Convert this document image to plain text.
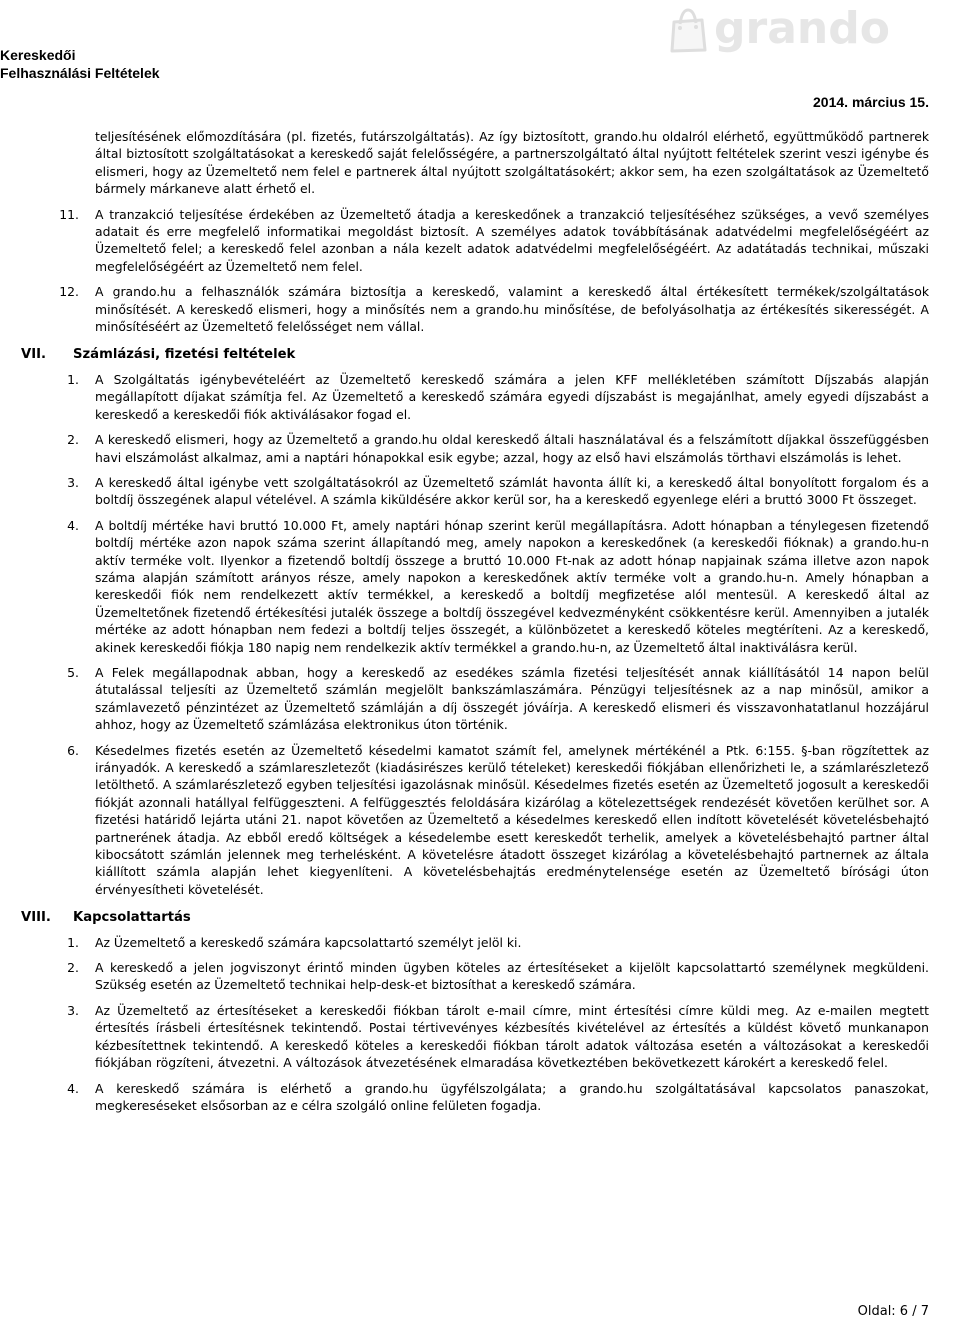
Kereskedői
Felhasználási Feltételek
grando
2014. március 15.
teljesítésének előmozdítására (pl. fizetés, futárszolgáltatás). Az így biztosított, grando.hu oldalról elérhető, együttműködő partnerek által biztosított szolgáltatásokat a kereskedő saját felelősségére, a partnerszolgáltató által nyújtott feltételek szerint veszi igénybe és elismeri, hogy az Üzemeltető nem felel e partnerek által nyújtott szolgáltatásokért; akkor sem, ha ezen szolgáltatások az Üzemeltető bármely márkaneve alatt érhető el.
11.	A tranzakció teljesítése érdekében az Üzemeltető átadja a kereskedőnek a tranzakció teljesítéséhez szükséges, a vevő személyes adatait és erre megfelelő informatikai megoldást biztosít. A személyes adatok továbbításának adatvédelmi megfelelőségéért az Üzemeltető felel; a kereskedő felel azonban a nála kezelt adatok adatvédelmi megfelelőségéért. Az adatátadás technikai, műszaki megfelelőségéért az Üzemeltető nem felel.
12.	A grando.hu a felhasználók számára biztosítja a kereskedő, valamint a kereskedő által értékesített termékek/szolgáltatások minősítését. A kereskedő elismeri, hogy a minősítés nem a grando.hu minősítése, de befolyásolhatja az értékesítés sikerességét. A minősítéséért az Üzemeltető felelősséget nem vállal.
VII.	Számlázási, fizetési feltételek
1.	A Szolgáltatás igénybevételéért az Üzemeltető kereskedő számára a jelen KFF mellékletében számított Díjszabás alapján megállapított díjakat számítja fel. Az Üzemeltető a kereskedő számára egyedi díjszabást is megajánlhat, amely egyedi díjszabást a kereskedő a kereskedői fiók aktiválásakor fogad el.
2.	A kereskedő elismeri, hogy az Üzemeltető a grando.hu oldal kereskedő általi használatával és a felszámított díjakkal összefüggésben havi elszámolást alkalmaz, ami a naptári hónapokkal esik egybe; azzal, hogy az első havi elszámolás törthavi elszámolás is lehet.
3.	A kereskedő által igénybe vett szolgáltatásokról az Üzemeltető számlát havonta állít ki, a kereskedő által bonyolított forgalom és a boltdíj összegének alapul vételével. A számla kiküldésére akkor kerül sor, ha a kereskedő egyenlege eléri a bruttó 3000 Ft összeget.
4.	A boltdíj mértéke havi bruttó 10.000 Ft, amely naptári hónap szerint kerül megállapításra. Adott hónapban a ténylegesen fizetendő boltdíj mértéke azon napok száma szerint állapítandó meg, amely napokon a kereskedőnek (a kereskedői fióknak) a grando.hu-n aktív terméke volt. Ilyenkor a fizetendő boltdíj összege a bruttó 10.000 Ft-nak az adott hónap napjainak száma illetve azon napok száma alapján számított arányos része, amely napokon a kereskedőnek aktív terméke volt a grando.hu-n. Amely hónapban a kereskedői fiók nem rendelkezett aktív termékkel, a kereskedő a boltdíj megfizetése alól mentesül. A kereskedő által az Üzemeltetőnek fizetendő értékesítési jutalék összege a boltdíj összegével kedvezményként csökkentésre kerül. Amennyiben a jutalék mértéke az adott hónapban nem fedezi a boltdíj teljes összegét, a különbözetet a kereskedő köteles megtéríteni. Az a kereskedő, akinek kereskedői fiókja 180 napig nem rendelkezik aktív termékkel a grando.hu-n, az Üzemeltető által inaktiválásra kerül.
5.	A Felek megállapodnak abban, hogy a kereskedő az esedékes számla fizetési teljesítését annak kiállításától 14 napon belül átutalással teljesíti az Üzemeltető számlán megjelölt bankszámlaszámára. Pénzügyi teljesítésnek az a nap minősül, amikor a számlavezető pénzintézet az Üzemeltető számláján a díj összegét jóváírja. A kereskedő elismeri és visszavonhatatlanul hozzájárul ahhoz, hogy az Üzemeltető számlázása elektronikus úton történik.
6.	Késedelmes fizetés esetén az Üzemeltető késedelmi kamatot számít fel, amelynek mértékénél a Ptk. 6:155. §-ban rögzítettek az irányadók. A kereskedő a számlareszletezőt (kiadásirészes kerülő tételeket) kereskedői fiókjában ellenőrizheti le, a számlarészletező letölthető. A számlarészletező egyben teljesítési igazolásnak minősül. Késedelmes fizetés esetén az Üzemeltető jogosult a kereskedői fiókját azonnali hatállyal felfüggeszteni. A felfüggesztés feloldására kizárólag a kötelezettségek rendezését követően kerülhet sor. A fizetési határidő lejárta utáni 21. napot követően az Üzemeltető a késedelmes kereskedő ellen indított követelését követelésbehajtó partnerének átadja. Az ebből eredő költségek a késedelembe esett kereskedőt terhelik, amelyek a követelésbehajtó partner által kibocsátott számlán jelennek meg terhelésként. A követelésre átadott összeget kizárólag a követelésbehajtó partnernek az általa kiállított számla alapján lehet kiegyenlíteni. A követelésbehajtás eredménytelensége esetén az Üzemeltető bírósági úton érvényesítheti követelését.
VIII.	Kapcsolattartás
1.	Az Üzemeltető a kereskedő számára kapcsolattartó személyt jelöl ki.
2.	A kereskedő a jelen jogviszonyt érintő minden ügyben köteles az értesítéseket a kijelölt kapcsolattartó személynek megküldeni. Szükség esetén az Üzemeltető technikai help-desk-et biztosíthat a kereskedő számára.
3.	Az Üzemeltető az értesítéseket a kereskedői fiókban tárolt e-mail címre, mint értesítési címre küldi meg. Az e-mailen megtett értesítés írásbeli értesítésnek tekintendő. Postai tértivevényes kézbesítés kivételével az értesítés a küldést követő munkanapon kézbesítettnek tekintendő. A kereskedő köteles a kereskedői fiókban tárolt adatok változása esetén a változásokat a kereskedői fiókjában rögzíteni, átvezetni. A változások átvezetésének elmaradása következtében bekövetkezett károkért a kereskedő felel.
4.	A kereskedő számára is elérhető a grando.hu ügyfélszolgálata; a grando.hu szolgáltatásával kapcsolatos panaszokat, megkereséseket elsősorban az e célra szolgáló online felületen fogadja.
Oldal: 6 / 7
